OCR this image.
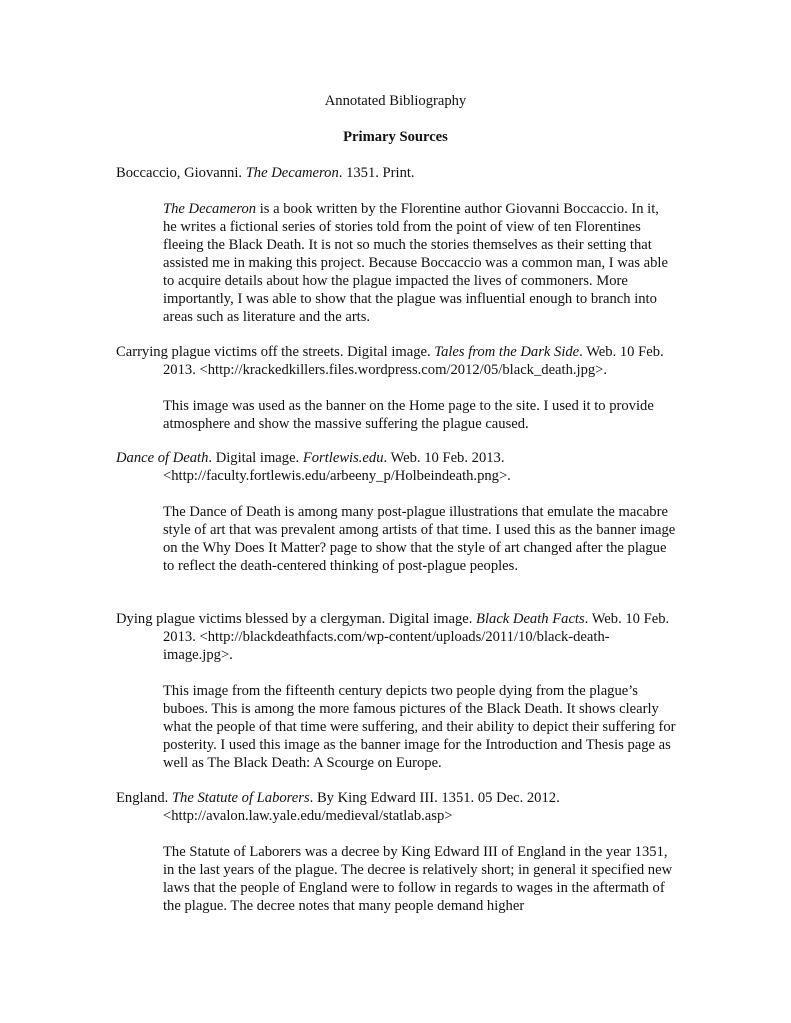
Annotated Bibliography
Primary Sources

Boccaccio, Giovanni. The Decameron. 1351. Print.

The Decameron is a book written by the Florentine author Giovanni Boccaccio. In it, he writes a fictional series of stories told from the point of view of ten Florentines fleeing the Black Death. It is not so much the stories themselves as their setting that assisted me in making this project. Because Boccaccio was a common man, I was able to acquire details about how the plague impacted the lives of commoners. More importantly, I was able to show that the plague was influential enough to branch into areas such as literature and the arts.

Carrying plague victims off the streets. Digital image. Tales from the Dark Side. Web. 10 Feb. 2013. <http://krackedkillers.files.wordpress.com/2012/05/black_death.jpg>.

This image was used as the banner on the Home page to the site. I used it to provide atmosphere and show the massive suffering the plague caused.

Dance of Death. Digital image. Fortlewis.edu. Web. 10 Feb. 2013. <http://faculty.fortlewis.edu/arbeeny_p/Holbeindeath.png>.

The Dance of Death is among many post-plague illustrations that emulate the macabre style of art that was prevalent among artists of that time. I used this as the banner image on the Why Does It Matter? page to show that the style of art changed after the plague to reflect the death-centered thinking of post-plague peoples.

Dying plague victims blessed by a clergyman. Digital image. Black Death Facts. Web. 10 Feb. 2013. <http://blackdeathfacts.com/wp-content/uploads/2011/10/black-death-image.jpg>.

This image from the fifteenth century depicts two people dying from the plague’s buboes. This is among the more famous pictures of the Black Death. It shows clearly what the people of that time were suffering, and their ability to depict their suffering for posterity. I used this image as the banner image for the Introduction and Thesis page as well as The Black Death: A Scourge on Europe.

England. The Statute of Laborers. By King Edward III. 1351. 05 Dec. 2012. <http://avalon.law.yale.edu/medieval/statlab.asp>

The Statute of Laborers was a decree by King Edward III of England in the year 1351, in the last years of the plague. The decree is relatively short; in general it specified new laws that the people of England were to follow in regards to wages in the aftermath of the plague. The decree notes that many people demand higher
